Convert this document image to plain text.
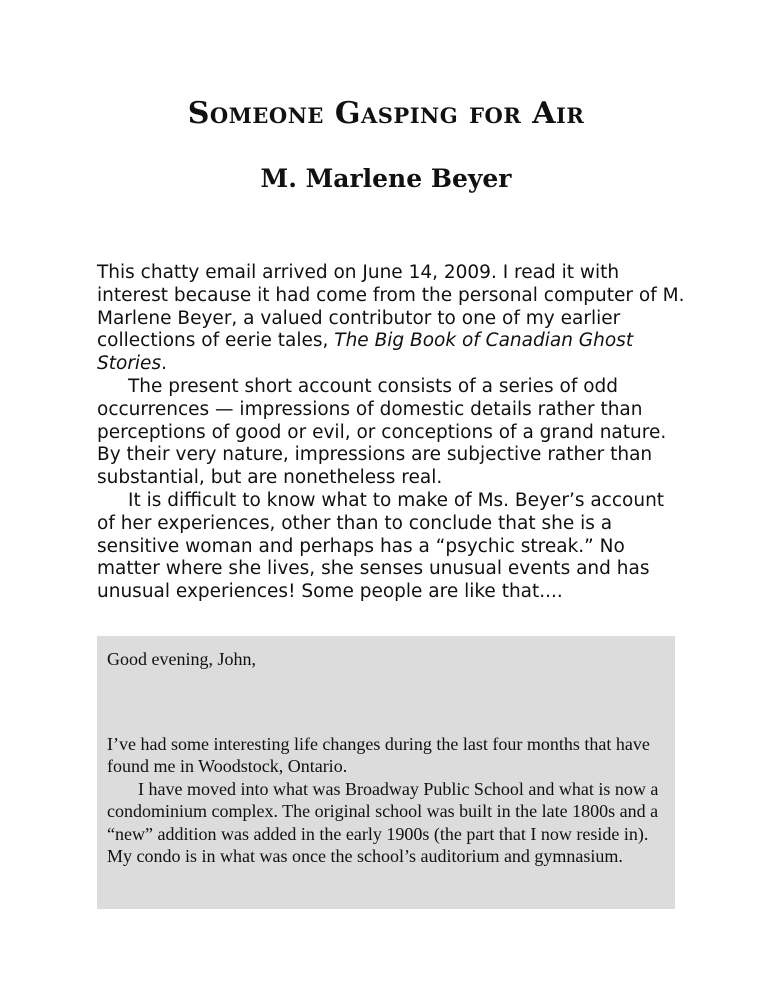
Someone Gasping for Air
M. Marlene Beyer

This chatty email arrived on June 14, 2009. I read it with interest because it had come from the personal computer of M. Marlene Beyer, a valued contributor to one of my earlier collections of eerie tales, The Big Book of Canadian Ghost Stories.

The present short account consists of a series of odd occurrences — impressions of domestic details rather than perceptions of good or evil, or conceptions of a grand nature. By their very nature, impressions are subjective rather than substantial, but are nonetheless real.

It is difficult to know what to make of Ms. Beyer’s account of her experiences, other than to conclude that she is a sensitive woman and perhaps has a “psychic streak.” No matter where she lives, she senses unusual events and has unusual experiences! Some people are like that....

Good evening, John,

I’ve had some interesting life changes during the last four months that have found me in Woodstock, Ontario.

I have moved into what was Broadway Public School and what is now a condominium complex. The original school was built in the late 1800s and a “new” addition was added in the early 1900s (the part that I now reside in). My condo is in what was once the school’s auditorium and gymnasium.
